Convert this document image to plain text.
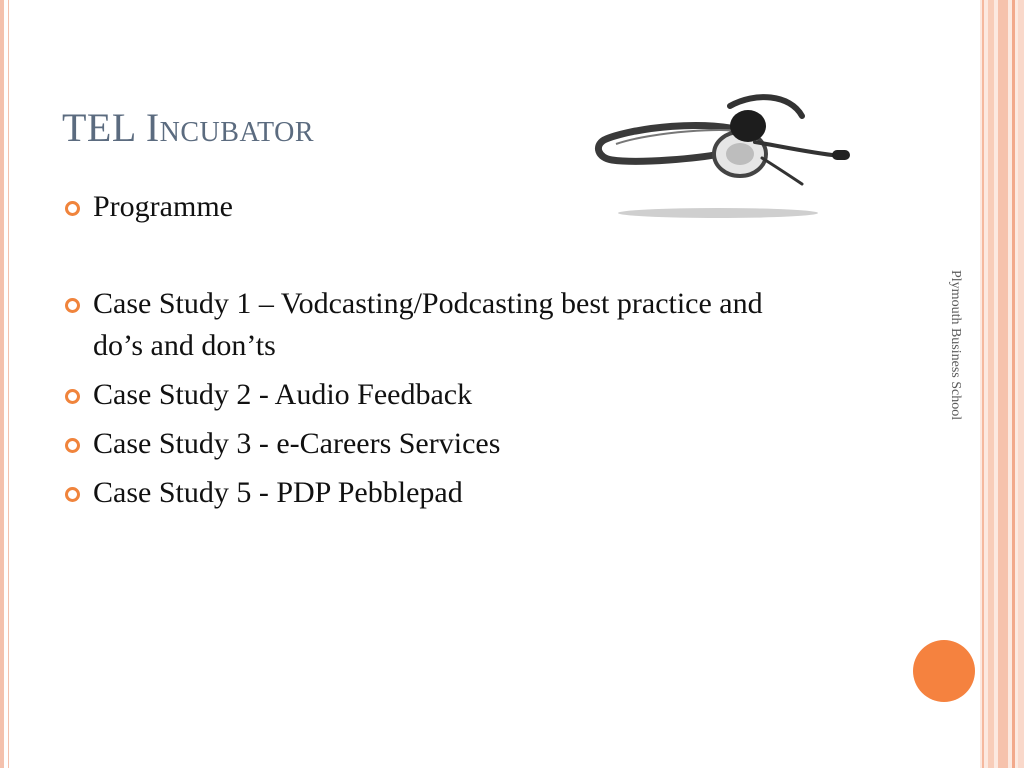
TEL Incubator
Programme
Case Study 1 – Vodcasting/Podcasting best practice and do’s and don’ts
Case Study 2 - Audio Feedback
Case Study 3 - e-Careers Services
Case Study 5 - PDP Pebblepad
Plymouth Business School
